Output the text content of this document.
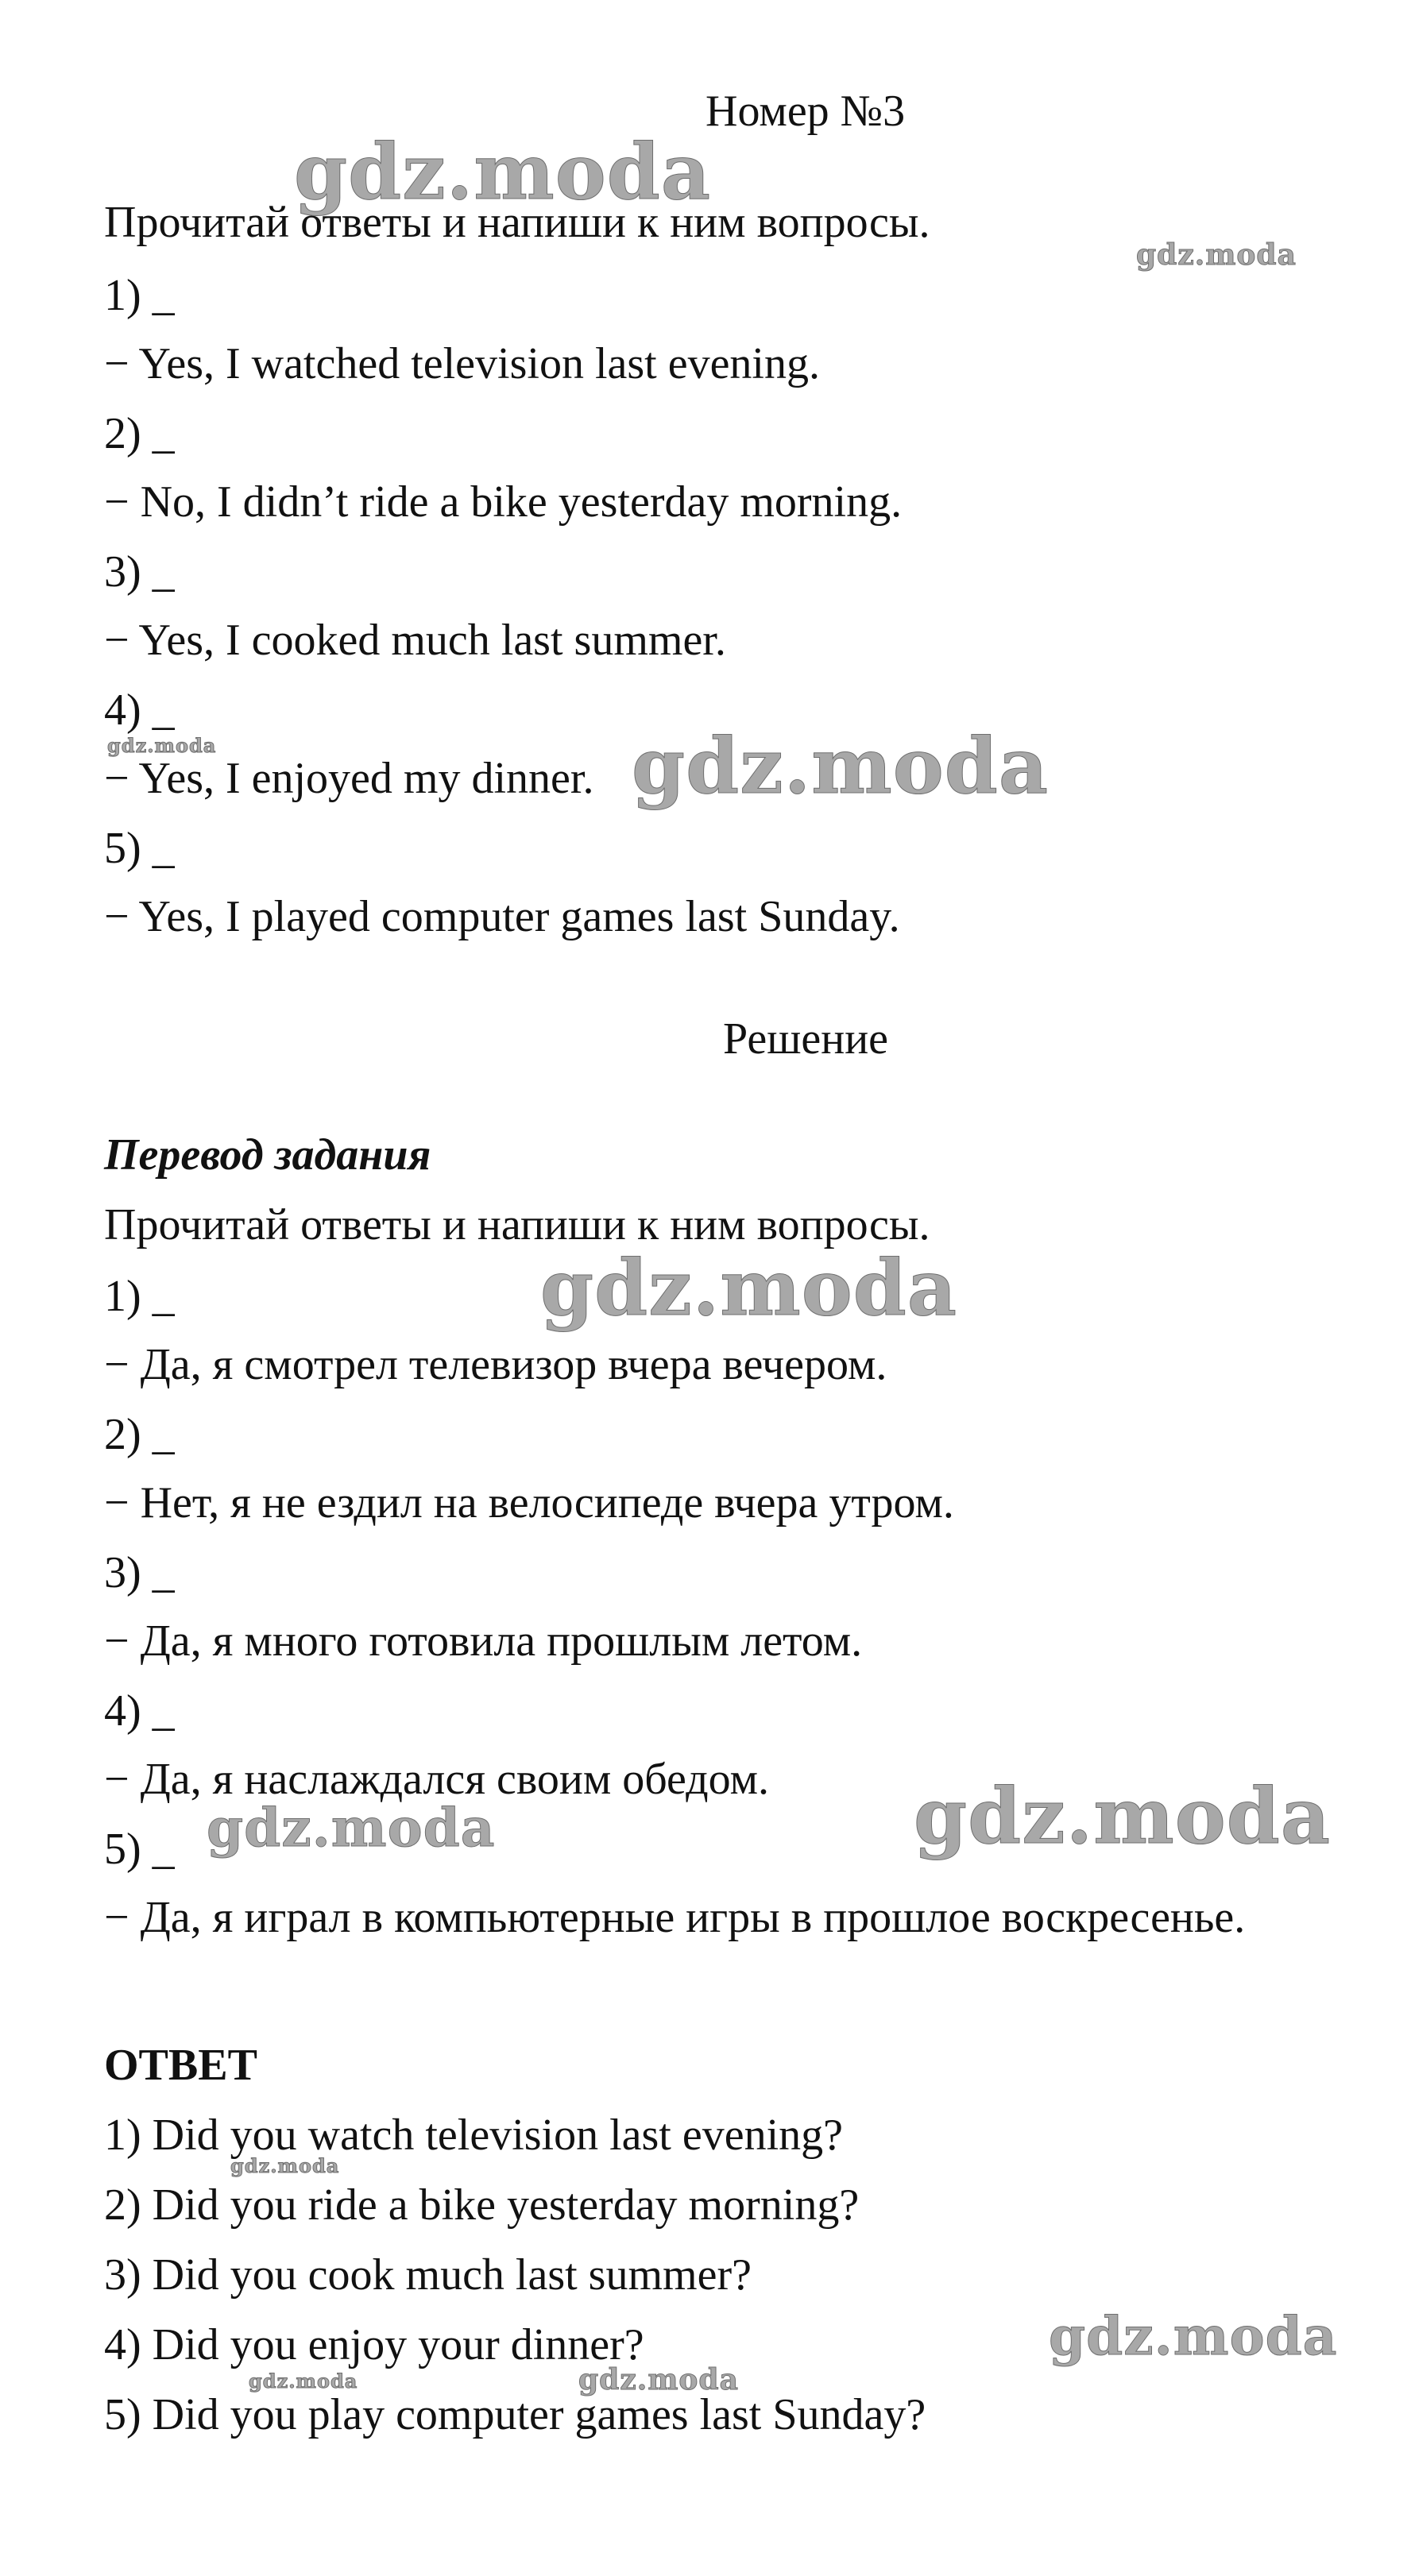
Номер №3
Прочитай ответы и напиши к ним вопросы.
1) _
− Yes, I watched television last evening.
2) _
− No, I didn’t ride a bike yesterday morning.
3) _
− Yes, I cooked much last summer.
4) _
− Yes, I enjoyed my dinner.
5) _
− Yes, I played computer games last Sunday.
Решение
Перевод задания
Прочитай ответы и напиши к ним вопросы.
1) _
− Да, я смотрел телевизор вчера вечером.
2) _
− Нет, я не ездил на велосипеде вчера утром.
3) _
− Да, я много готовила прошлым летом.
4) _
− Да, я наслаждался своим обедом.
5) _
− Да, я играл в компьютерные игры в прошлое воскресенье.
ОТВЕТ
1) Did you watch television last evening?
2) Did you ride a bike yesterday morning?
3) Did you cook much last summer?
4) Did you enjoy your dinner?
5) Did you play computer games last Sunday?
gdz.moda
gdz.moda
gdz.moda	gdz.moda
gdz.moda
gdz.moda	gdz.moda
gdz.moda
gdz.moda
gdz.moda	gdz.moda
